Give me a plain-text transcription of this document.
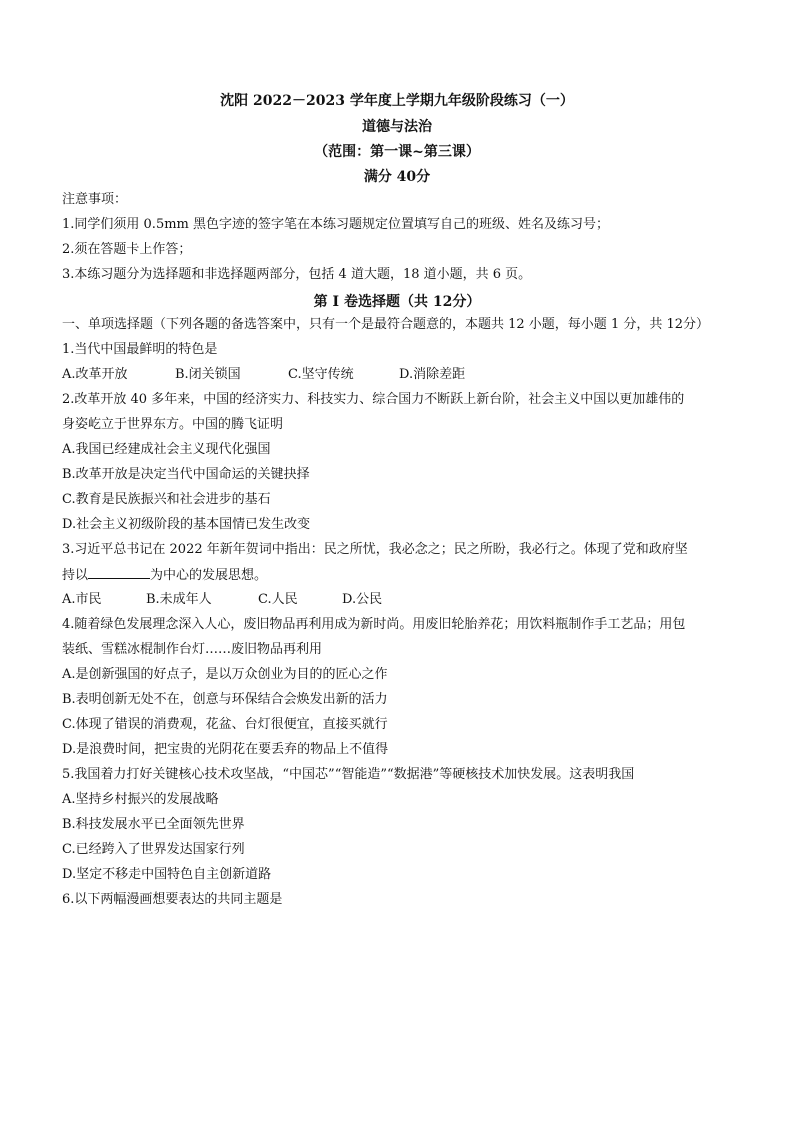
沈阳 2022－2023 学年度上学期九年级阶段练习（一）
道德与法治
（范围：第一课~第三课）
满分 40分
注意事项：
1.同学们须用 0.5mm 黑色字迹的签字笔在本练习题规定位置填写自己的班级、姓名及练习号；
2.须在答题卡上作答；
3.本练习题分为选择题和非选择题两部分，包括 4 道大题，18 道小题，共 6 页。
第 I 卷选择题（共 12分）
一、单项选择题（下列各题的备选答案中，只有一个是最符合题意的，本题共 12 小题，每小题 1 分，共 12分）
1.当代中国最鲜明的特色是
A.改革开放	B.闭关锁国	C.坚守传统	D.消除差距
2.改革开放 40 多年来，中国的经济实力、科技实力、综合国力不断跃上新台阶，社会主义中国以更加雄伟的
身姿屹立于世界东方。中国的腾飞证明
A.我国已经建成社会主义现代化强国
B.改革开放是决定当代中国命运的关键抉择
C.教育是民族振兴和社会进步的基石
D.社会主义初级阶段的基本国情已发生改变
3.习近平总书记在 2022 年新年贺词中指出：民之所忧，我必念之；民之所盼，我必行之。体现了党和政府坚
持以	为中心的发展思想。
A.市民	B.未成年人	C.人民	D.公民
4.随着绿色发展理念深入人心，废旧物品再利用成为新时尚。用废旧轮胎养花；用饮料瓶制作手工艺品；用包
装纸、雪糕冰棍制作台灯……废旧物品再利用
A.是创新强国的好点子，是以万众创业为目的的匠心之作
B.表明创新无处不在，创意与环保结合会焕发出新的活力
C.体现了错误的消费观，花盆、台灯很便宜，直接买就行
D.是浪费时间，把宝贵的光阴花在要丢弃的物品上不值得
5.我国着力打好关键核心技术攻坚战，“中国芯”“智能造”“数据港”等硬核技术加快发展。这表明我国
A.坚持乡村振兴的发展战略
B.科技发展水平已全面领先世界
C.已经跨入了世界发达国家行列
D.坚定不移走中国特色自主创新道路
6.以下两幅漫画想要表达的共同主题是
